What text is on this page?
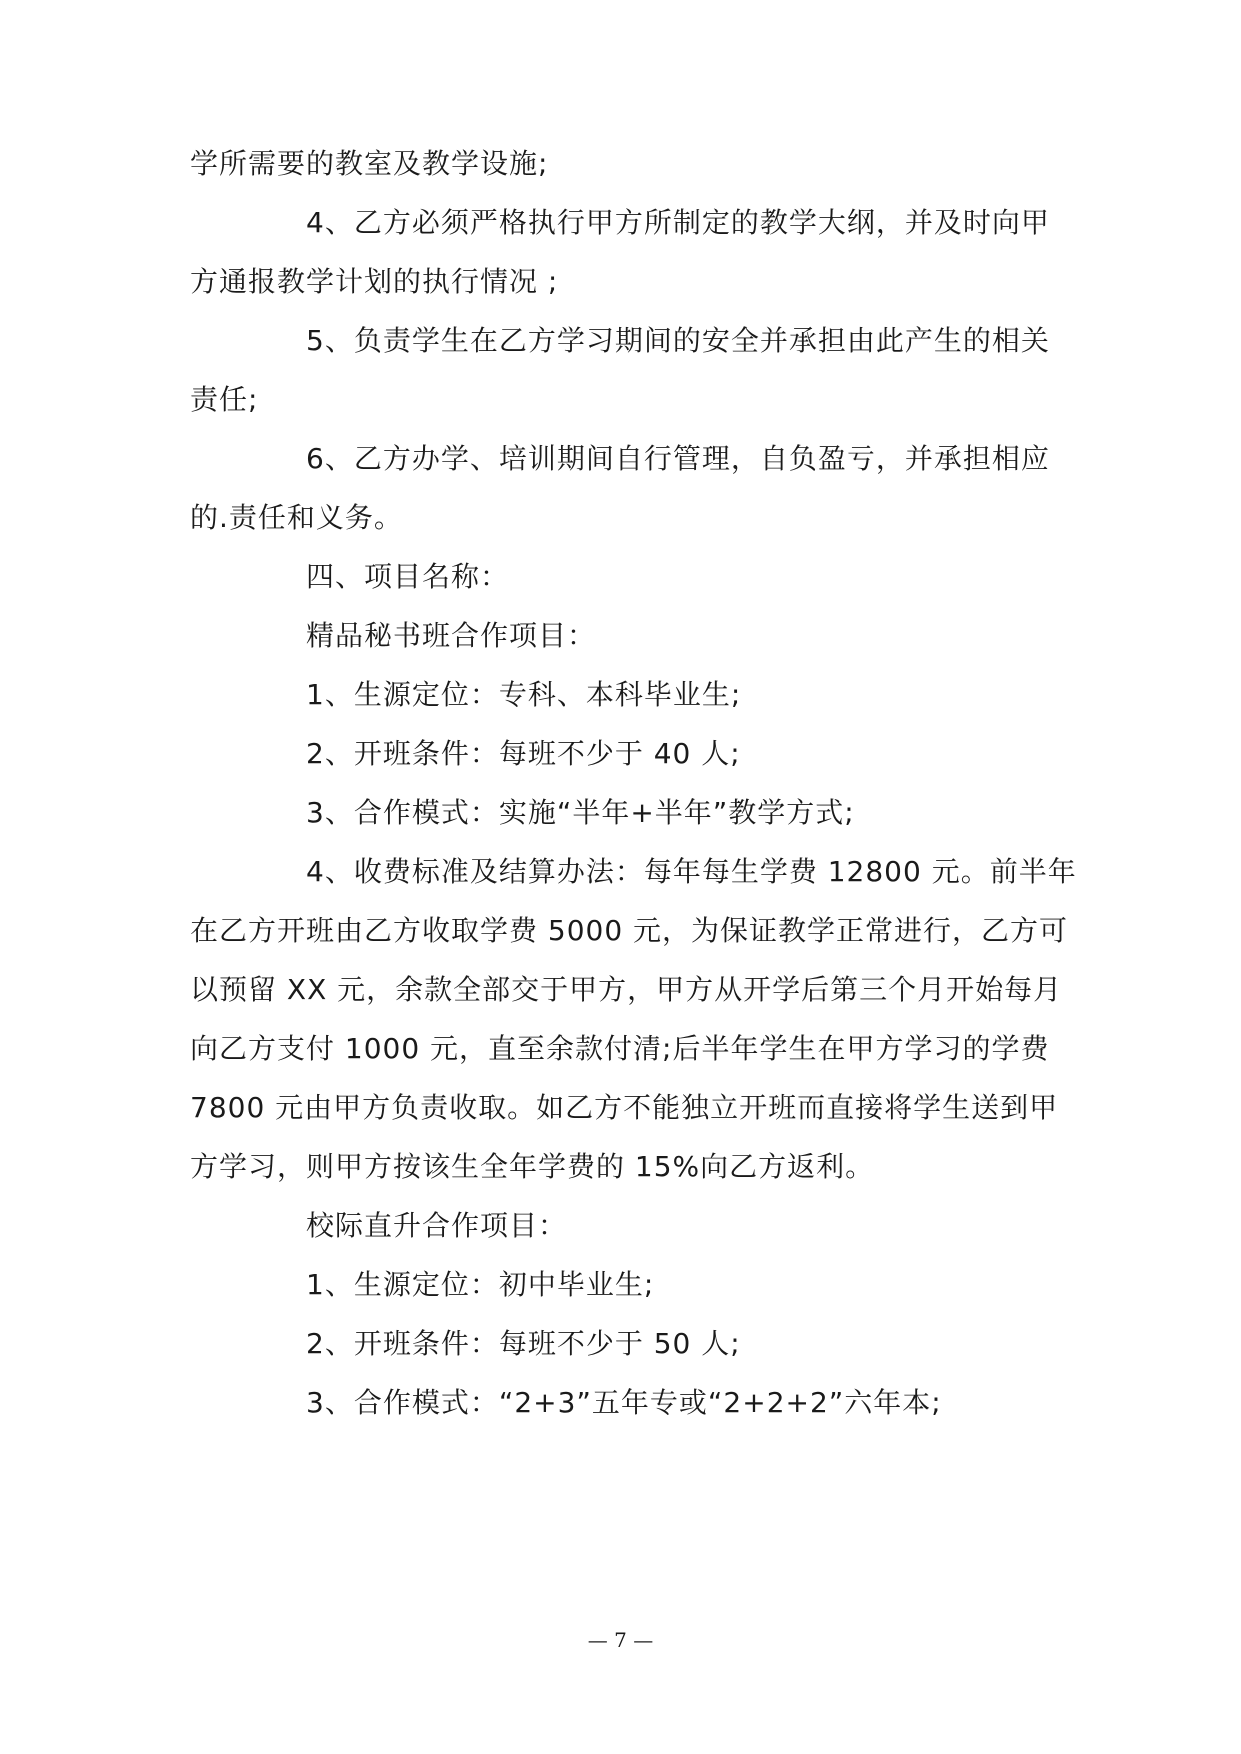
学所需要的教室及教学设施;
4、乙方必须严格执行甲方所制定的教学大纲，并及时向甲
方通报教学计划的执行情况 ;
5、负责学生在乙方学习期间的安全并承担由此产生的相关
责任;
6、乙方办学、培训期间自行管理，自负盈亏，并承担相应
的.责任和义务。
四、项目名称：
精品秘书班合作项目：
1、生源定位：专科、本科毕业生;
2、开班条件：每班不少于 40 人;
3、合作模式：实施“半年+半年”教学方式;
4、收费标准及结算办法：每年每生学费 12800 元。前半年
在乙方开班由乙方收取学费 5000 元，为保证教学正常进行，乙方可
以预留 XX 元，余款全部交于甲方，甲方从开学后第三个月开始每月
向乙方支付 1000 元，直至余款付清;后半年学生在甲方学习的学费
7800 元由甲方负责收取。如乙方不能独立开班而直接将学生送到甲
方学习，则甲方按该生全年学费的 15%向乙方返利。
校际直升合作项目：
1、生源定位：初中毕业生;
2、开班条件：每班不少于 50 人;
3、合作模式：“2+3”五年专或“2+2+2”六年本;
— 7 —
